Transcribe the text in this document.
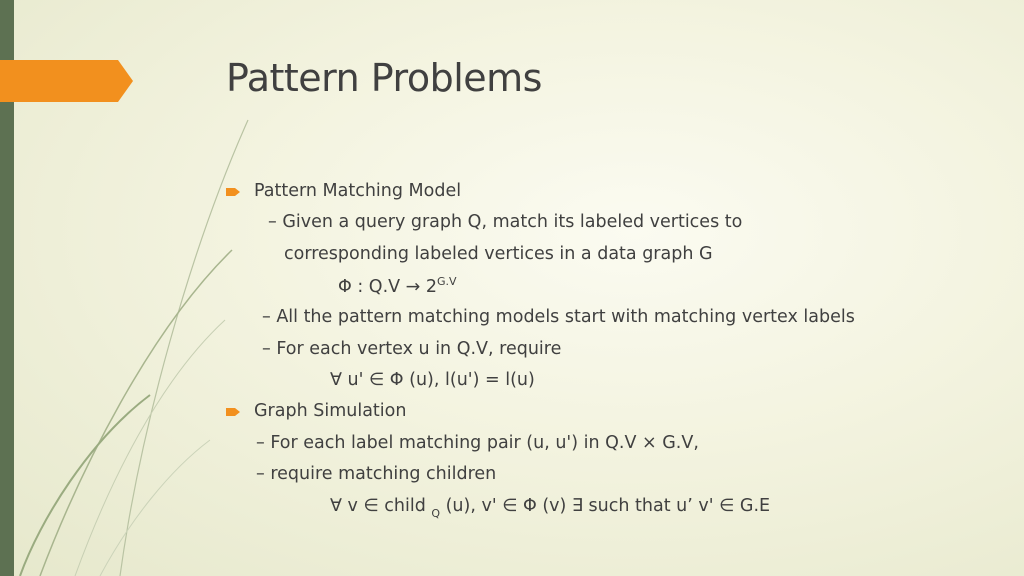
Pattern Problems
Pattern Matching Model
– Given a query graph Q, match its labeled vertices to
corresponding labeled vertices in a data graph G
Φ : $Q.V \to 2^{G.V}$
– All the pattern matching models start with matching vertex labels
– For each vertex u in Q.V, require
∀ u' ∈ Φ (u), l(u') = l(u)
Graph Simulation
– For each label matching pair (u, u') in Q.V × G.V,
– require matching children
∀ v ∈ child $_Q$ (u), v' ∈ Φ (v) ∃ such that u’ v' ∈ G.E
